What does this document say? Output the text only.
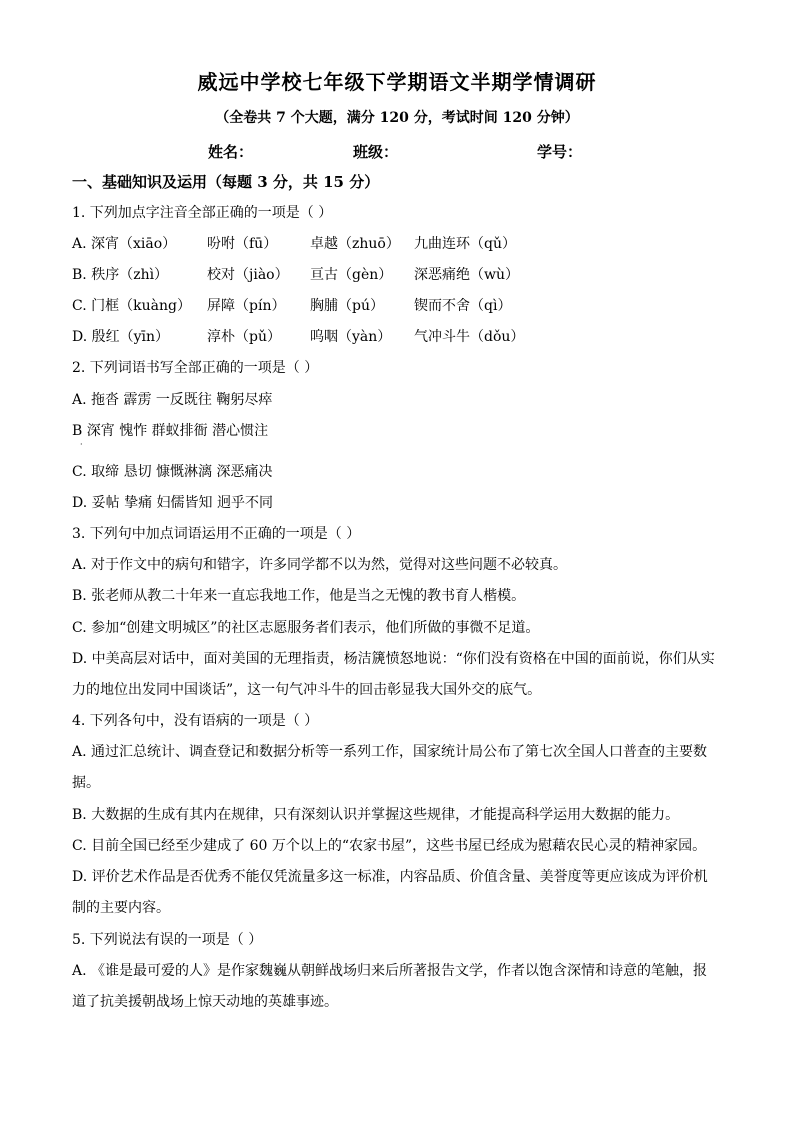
威远中学校七年级下学期语文半期学情调研
（全卷共 7 个大题，满分 120 分，考试时间 120 分钟）
姓名：	班级：	学号：
一、基础知识及运用（每题 3 分，共 15 分）
1. 下列加点字注音全部正确的一项是（ ）
A. 深宵（xiāo） 吩咐（fū） 卓越（zhuō） 九曲连环（qǔ）
B. 秩序（zhì）	校对（jiào） 亘古（gèn） 深恶痛绝（wù）
C. 门框（kuàng） 屏障（pín） 胸脯（pú） 锲而不舍（qì）
D. 殷红（yīn）	淳朴（pǔ） 呜咽（yàn） 气冲斗牛（dǒu）
2. 下列词语书写全部正确的一项是（ ）
A. 拖沓 霹雳 一反既往 鞠躬尽瘁
B 深宵 愧怍 群蚁排衙 潜心惯注
·
C. 取缔 恳切 慷慨淋漓 深恶痛决
D. 妥帖 挚痛 妇儒皆知 迥乎不同
3. 下列句中加点词语运用不正确的一项是（ ）
A. 对于作文中的病句和错字，许多同学都不以为然，觉得对这些问题不必较真。
B. 张老师从教二十年来一直忘我地工作，他是当之无愧的教书育人楷模。
C. 参加“创建文明城区”的社区志愿服务者们表示，他们所做的事微不足道。
D. 中美高层对话中，面对美国的无理指责，杨洁篪愤怒地说：“你们没有资格在中国的面前说，你们从实力的地位出发同中国谈话”，这一句气冲斗牛的回击彰显我大国外交的底气。
4. 下列各句中，没有语病的一项是（ ）
A. 通过汇总统计、调查登记和数据分析等一系列工作，国家统计局公布了第七次全国人口普查的主要数据。
B. 大数据的生成有其内在规律，只有深刻认识并掌握这些规律，才能提高科学运用大数据的能力。
C. 目前全国已经至少建成了 60 万个以上的“农家书屋”，这些书屋已经成为慰藉农民心灵的精神家园。
D. 评价艺术作品是否优秀不能仅凭流量多这一标准，内容品质、价值含量、美誉度等更应该成为评价机制的主要内容。
5. 下列说法有误的一项是（ ）
A. 《谁是最可爱的人》是作家魏巍从朝鲜战场归来后所著报告文学，作者以饱含深情和诗意的笔触，报道了抗美援朝战场上惊天动地的英雄事迹。
